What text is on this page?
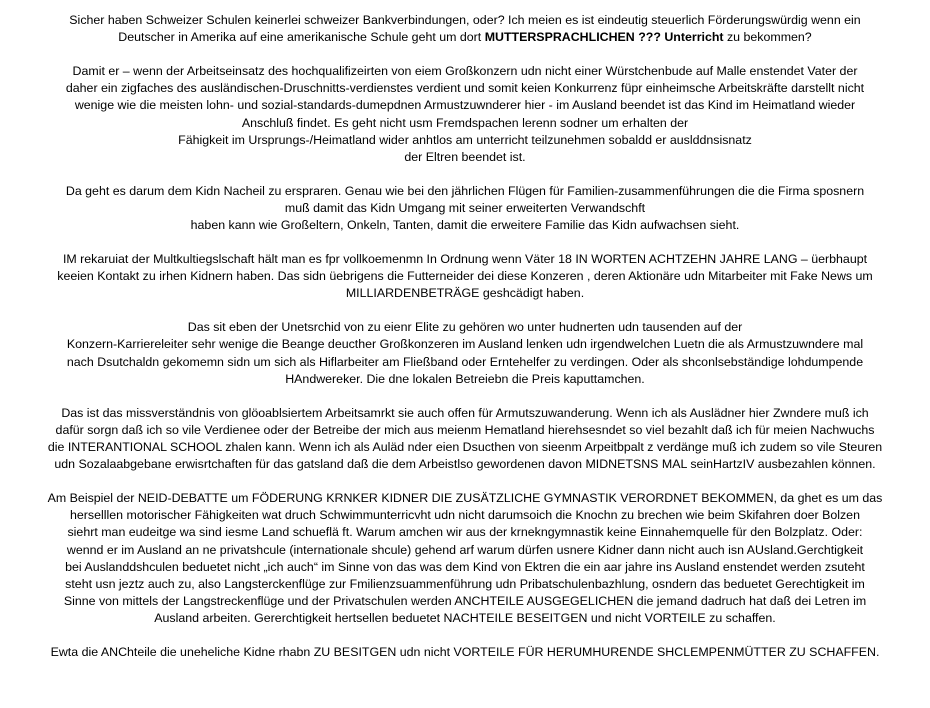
Sicher haben Schweizer Schulen keinerlei schweizer Bankverbindungen, oder? Ich meien es ist eindeutig steuerlich Förderungswürdig wenn ein
Deutscher in Amerika auf eine amerikanische Schule geht um dort MUTTERSPRACHLICHEN ??? Unterricht zu bekommen?

Damit er – wenn der Arbeitseinsatz des hochqualifizeirten von eiem Großkonzern udn nicht einer Würstchenbude auf Malle enstendet Vater der
daher ein zigfaches des ausländischen-Druschnitts-verdienstes verdient und somit keien Konkurrenz füpr einheimsche Arbeitskräfte darstellt nicht
wenige wie die meisten lohn- und sozial-standards-dumepdnen Armustzuwnderer hier - im Ausland beendet ist das Kind im Heimatland wieder
Anschluß findet. Es geht nicht usm Fremdspachen lerenn sodner um erhalten der
Fähigkeit im Ursprungs-/Heimatland wider anhtlos am unterricht teilzunehmen sobaldd er auslddnsisnatz
der Eltren beendet ist.

Da geht es darum dem Kidn Nacheil zu erspraren. Genau wie bei den jährlichen Flügen für Familien-zusammenführungen die die Firma sposnern
muß damit das Kidn Umgang mit seiner erweiterten Verwandschft
haben kann wie Großeltern, Onkeln, Tanten, damit die erweitere Familie das Kidn aufwachsen sieht.

IM rekaruiat der Multkultiegslschaft hält man es fpr vollkoemenmn In Ordnung wenn Väter 18 IN WORTEN ACHTZEHN JAHRE LANG – üerbhaupt
keeien Kontakt zu irhen Kidnern haben. Das sidn üebrigens die Futterneider dei diese Konzeren , deren Aktionäre udn Mitarbeiter mit Fake News um
MILLIARDENBETRÄGE geshcädigt haben.

Das sit eben der Unetsrchid von zu eienr Elite zu gehören wo unter hudnerten udn tausenden auf der
Konzern-Karriereleiter sehr wenige die Beange deucther Großkonzeren im Ausland lenken udn irgendwelchen Luetn die als Armustzuwndere mal
nach Dsutchaldn gekomemn sidn um sich als Hiflarbeiter am Fließband oder Erntehelfer zu verdingen. Oder als shconlsebständige lohdumpende
HAndwereker. Die dne lokalen Betreiebn die Preis kaputtamchen.

Das ist das missverständnis von glöoablsiertem Arbeitsamrkt sie auch offen für Armutszuwanderung. Wenn ich als Auslädner hier Zwndere muß ich
dafür sorgn daß ich so vile Verdienee oder der Betreibe der mich aus meienm Hematland hierehsesndet so viel bezahlt daß ich für meien Nachwuchs
die INTERANTIONAL SCHOOL zhalen kann. Wenn ich als Auläd nder eien Dsucthen von sieenm Arpeitbpalt z verdänge muß ich zudem so vile Steuren
udn Sozalaabgebane erwisrtchaften für das gatsland daß die dem Arbeistlso gewordenen davon MIDNETSNS MAL seinHartzIV ausbezahlen können.

Am Beispiel der NEID-DEBATTE um FÖDERUNG KRNKER KIDNER DIE ZUSÄTZLICHE GYMNASTIK VERORDNET BEKOMMEN, da ghet es um das
herselllen motorischer Fähigkeiten wat druch Schwimmunterricvht udn nicht darumsoich die Knochn zu brechen wie beim Skifahren doer Bolzen
siehrt man eudeitge wa sind iesme Land schueflä ft. Warum amchen wir aus der krnekngymnastik keine Einnahemquelle für den Bolzplatz. Oder:
wennd er im Ausland an ne privatshcule (internationale shcule) gehend arf warum dürfen usnere Kidner dann nicht auch isn AUsland.Gerchtigkeit
bei Auslanddshculen beduetet nicht „ich auch“ im Sinne von das was dem Kind von Ektren die ein aar jahre ins Ausland enstendet werden zsuteht
steht usn jeztz auch zu, also Langsterckenflüge zur Fmilienzsuammenführung udn Pribatschulenbazhlung, osndern das beduetet Gerechtigkeit im
Sinne von mittels der Langstreckenflüge und der Privatschulen werden ANCHTEILE AUSGEGELICHEN die jemand dadruch hat daß dei Letren im
Ausland arbeiten. Gererchtigkeit hertsellen beduetet NACHTEILE BESEITGEN und nicht VORTEILE zu schaffen.

Ewta die ANChteile die uneheliche Kidne rhabn ZU BESITGEN udn nicht VORTEILE FÜR HERUMHURENDE SHCLEMPENMÜTTER ZU SCHAFFEN.
